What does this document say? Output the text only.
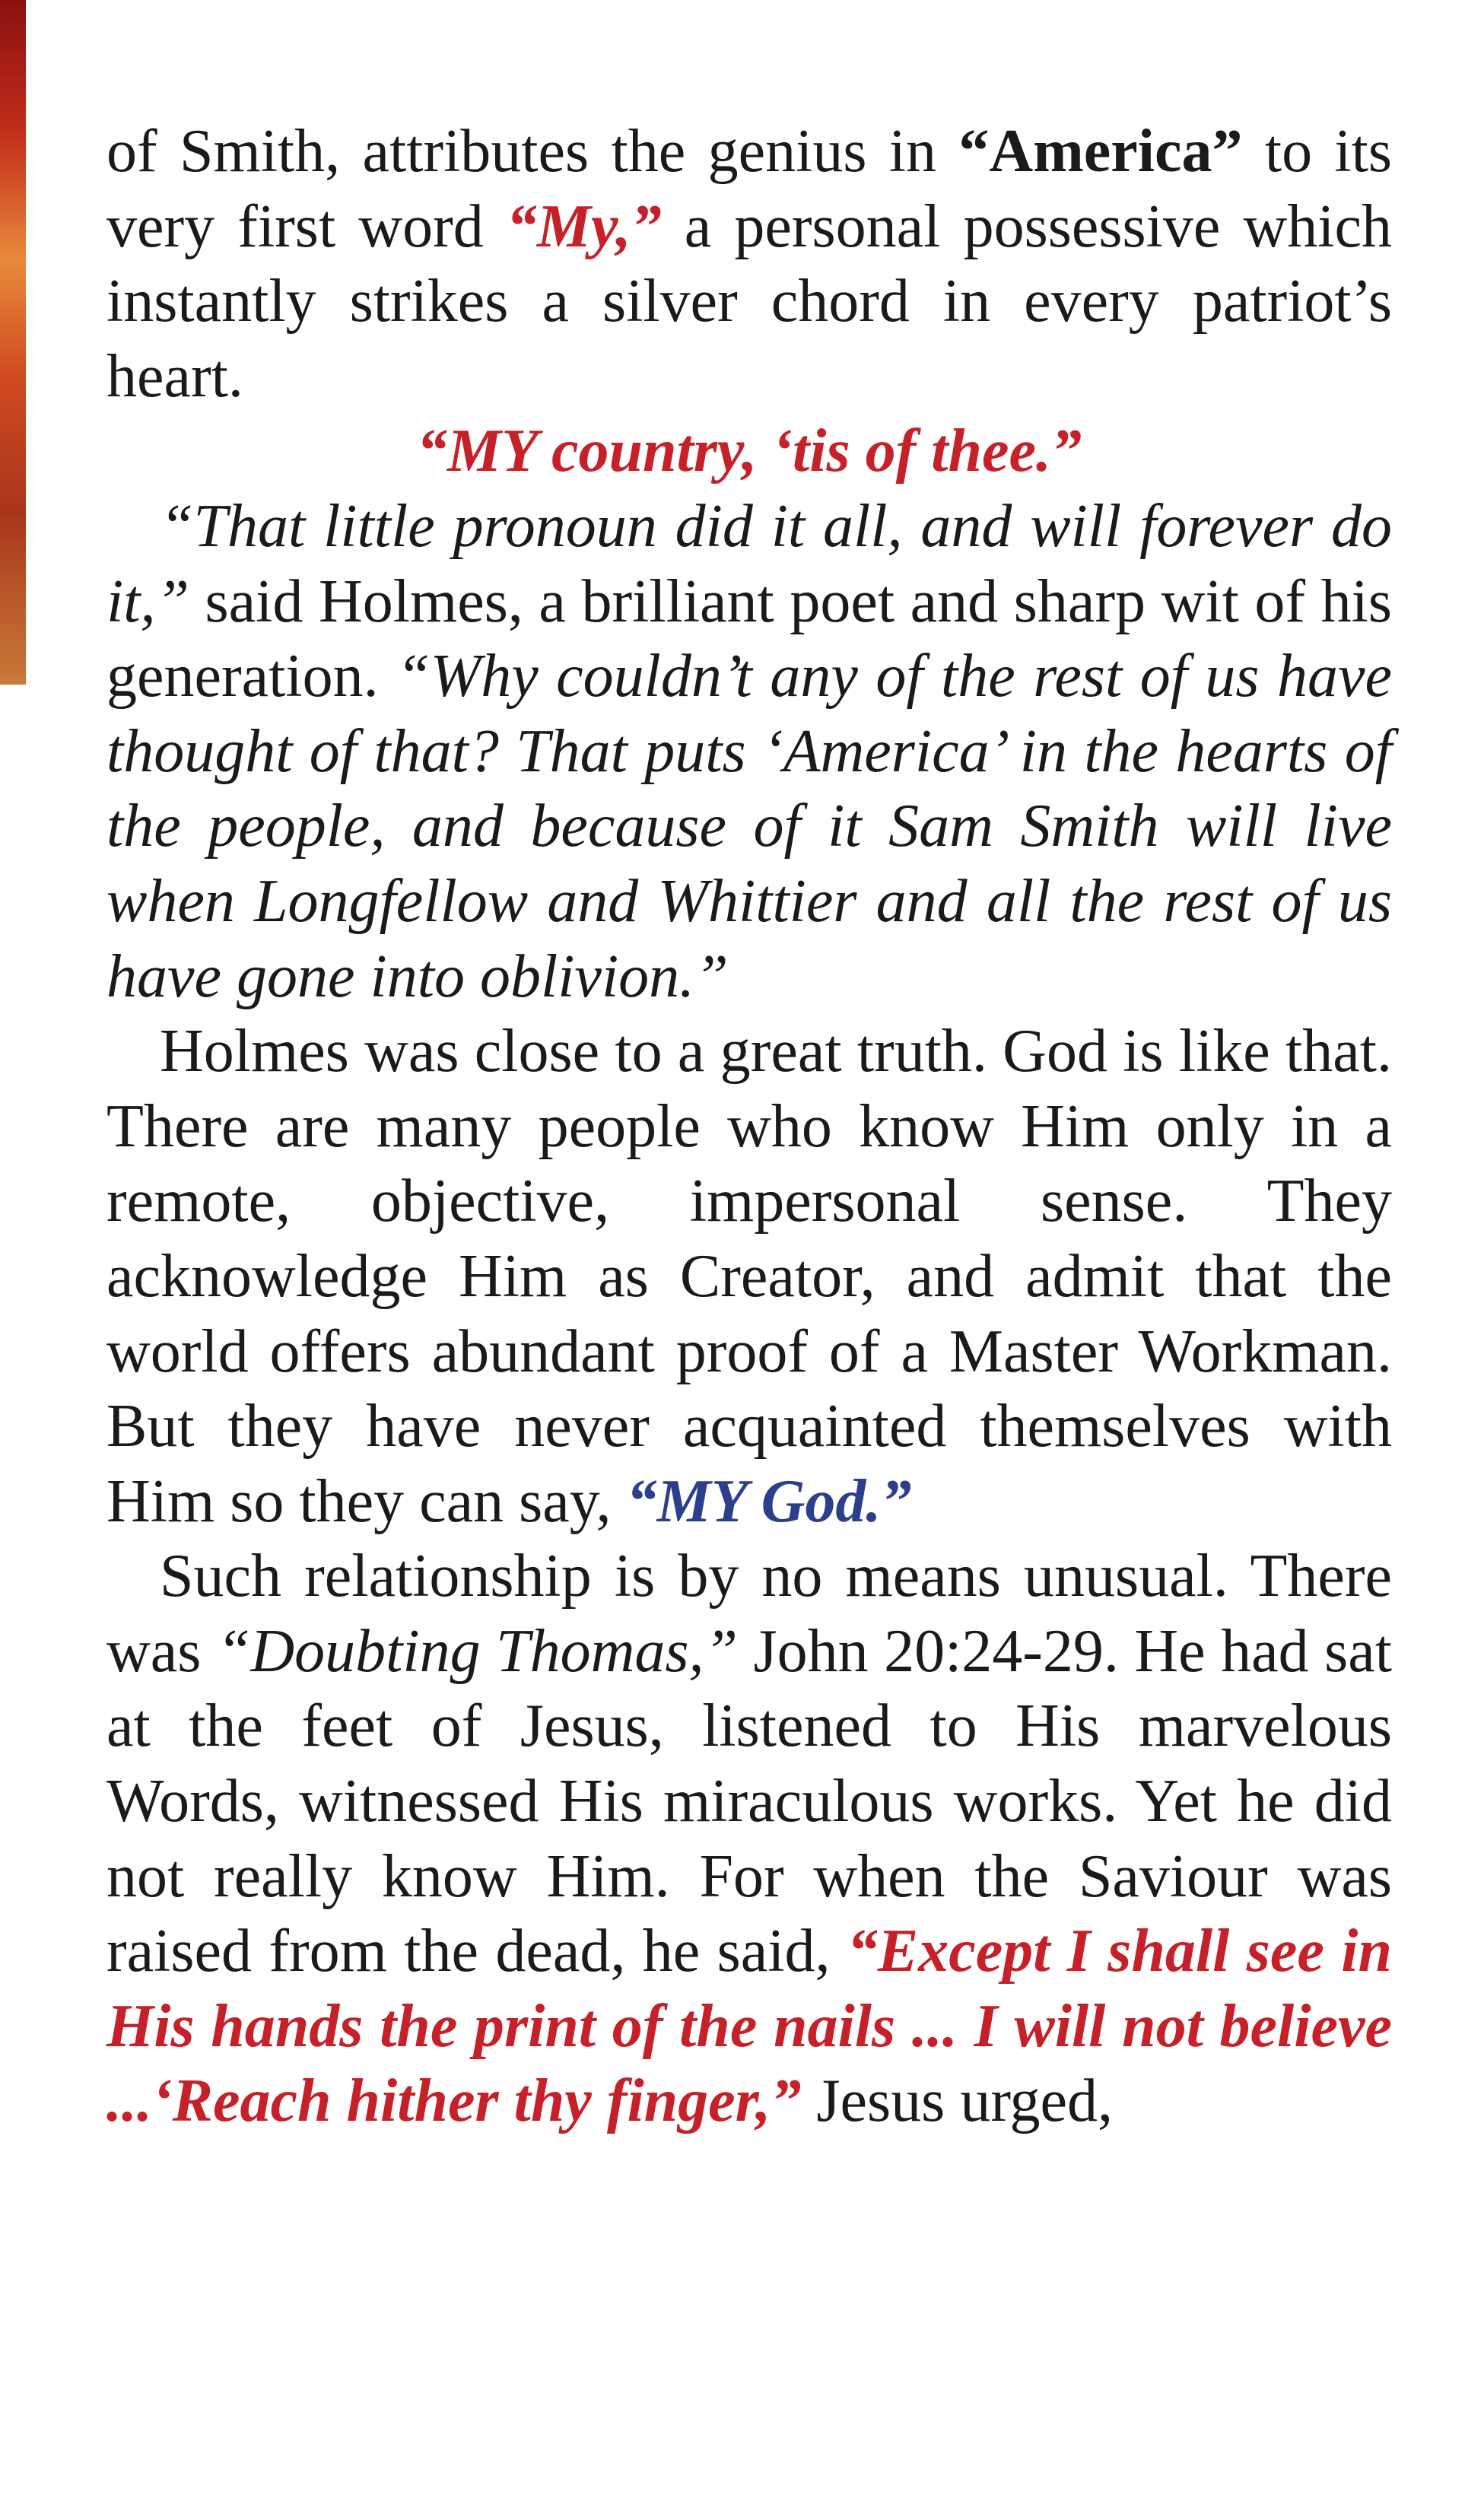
of Smith, attributes the genius in “America” to its very first word “My,” a personal possessive which instantly strikes a silver chord in every patriot’s heart.

“MY country, ‘tis of thee.”

“That little pronoun did it all, and will forever do it,” said Holmes, a brilliant poet and sharp wit of his generation. “Why couldn’t any of the rest of us have thought of that? That puts ‘America’ in the hearts of the people, and because of it Sam Smith will live when Longfellow and Whittier and all the rest of us have gone into oblivion.”

Holmes was close to a great truth. God is like that. There are many people who know Him only in a remote, objective, impersonal sense. They acknowledge Him as Creator, and admit that the world offers abundant proof of a Master Workman. But they have never acquainted themselves with Him so they can say, “MY God.”

Such relationship is by no means unusual. There was “Doubting Thomas,” John 20:24-29. He had sat at the feet of Jesus, listened to His marvelous Words, witnessed His miraculous works. Yet he did not really know Him. For when the Saviour was raised from the dead, he said, “Except I shall see in His hands the print of the nails ... I will not believe ...‘Reach hither thy finger,” Jesus urged,
